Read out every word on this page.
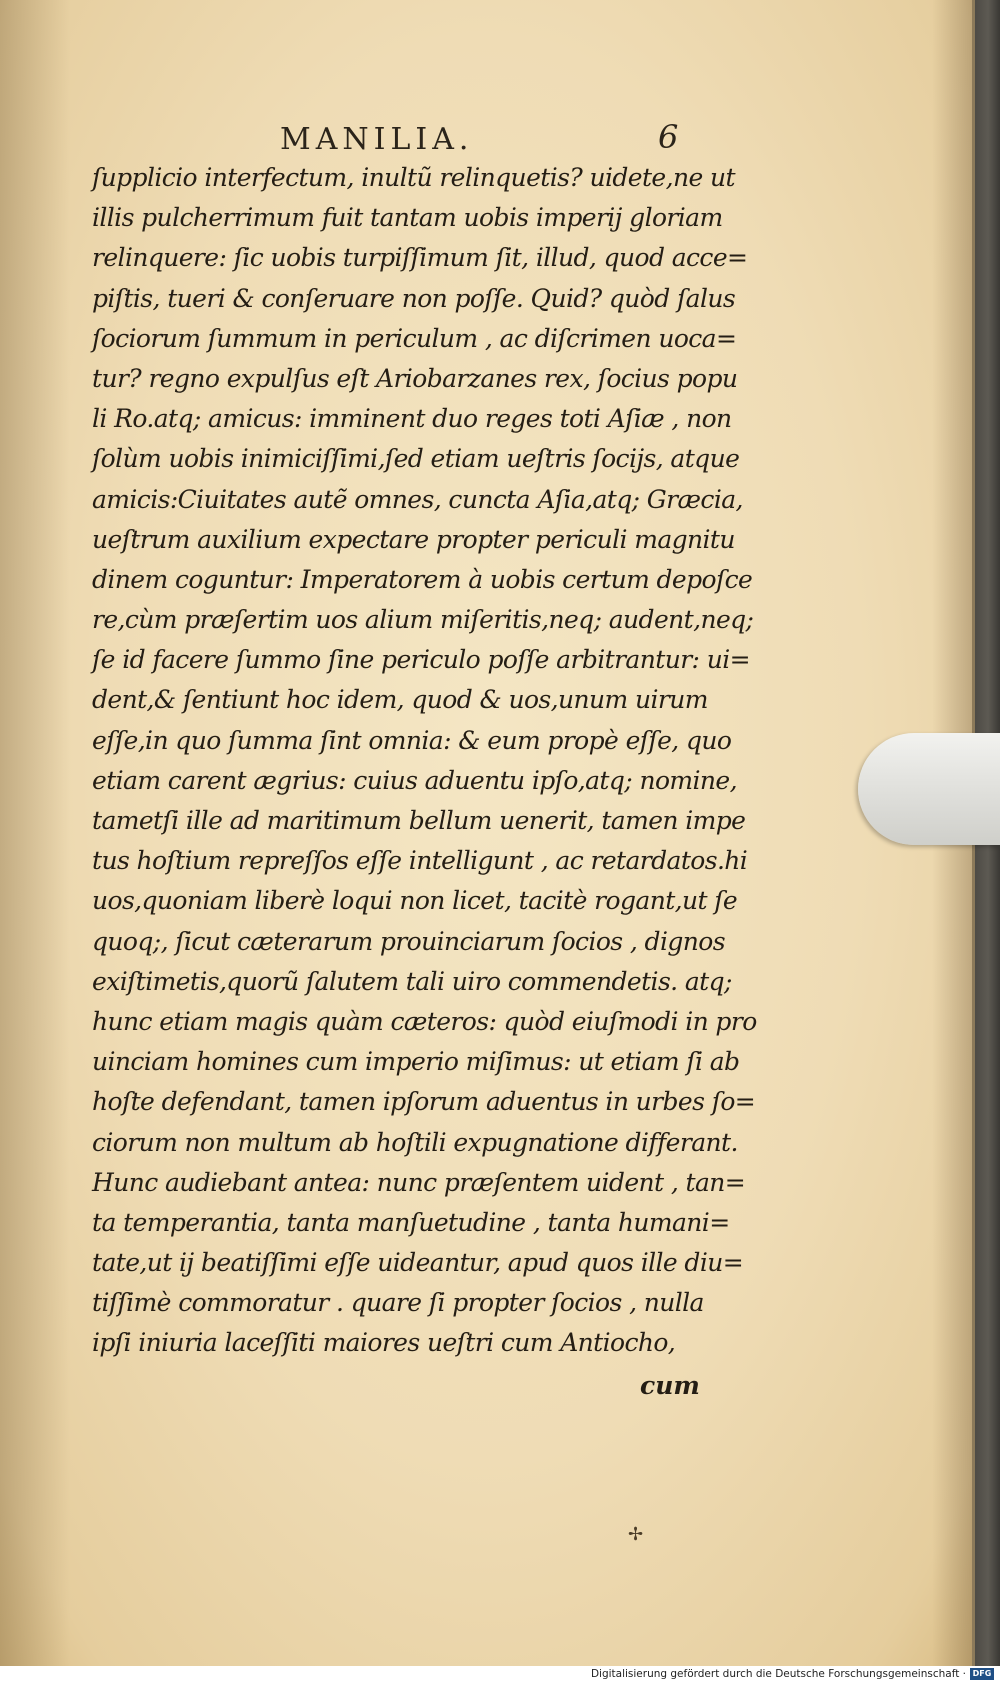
MANILIA.	6
ſupplicio interfectum, inultũ relinquetis? uidete,ne ut
illis pulcherrimum fuit tantam uobis imperij gloriam
relinquere: ſic uobis turpiſſimum ſit, illud, quod acce=
piſtis, tueri & conſeruare non poſſe. Quid? quòd ſalus
ſociorum ſummum in periculum , ac diſcrimen uoca=
tur? regno expulſus eſt Ariobarzanes rex, ſocius popu
li Ro.atq; amicus: imminent duo reges toti Aſiæ , non
ſolùm uobis inimiciſſimi,ſed etiam ueſtris ſocijs, atque
amicis:Ciuitates autẽ omnes, cuncta Aſia,atq; Græcia,
ueſtrum auxilium expectare propter periculi magnitu
dinem coguntur: Imperatorem à uobis certum depoſce
re,cùm præſertim uos alium miſeritis,neq; audent,neq;
ſe id facere ſummo ſine periculo poſſe arbitrantur: ui=
dent,& ſentiunt hoc idem, quod & uos,unum uirum
eſſe,in quo ſumma ſint omnia: & eum propè eſſe, quo
etiam carent ægrius: cuius aduentu ipſo,atq; nomine,
tametſi ille ad maritimum bellum uenerit, tamen impe
tus hoſtium repreſſos eſſe intelligunt , ac retardatos.hi
uos,quoniam liberè loqui non licet, tacitè rogant,ut ſe
quoq;, ſicut cæterarum prouinciarum ſocios , dignos
exiſtimetis,quorũ ſalutem tali uiro commendetis. atq;
hunc etiam magis quàm cæteros: quòd eiuſmodi in pro
uinciam homines cum imperio miſimus: ut etiam ſi ab
hoſte defendant, tamen ipſorum aduentus in urbes ſo=
ciorum non multum ab hoſtili expugnatione differant.
Hunc audiebant antea: nunc præſentem uident , tan=
ta temperantia, tanta manſuetudine , tanta humani=
tate,ut ij beatiſſimi eſſe uideantur, apud quos ille diu=
tiſſimè commoratur . quare ſi propter ſocios , nulla
ipſi iniuria laceſſiti maiores ueſtri cum Antiocho,
cum
✢
Digitalisierung gefördert durch die Deutsche Forschungsgemeinschaft · DFG
